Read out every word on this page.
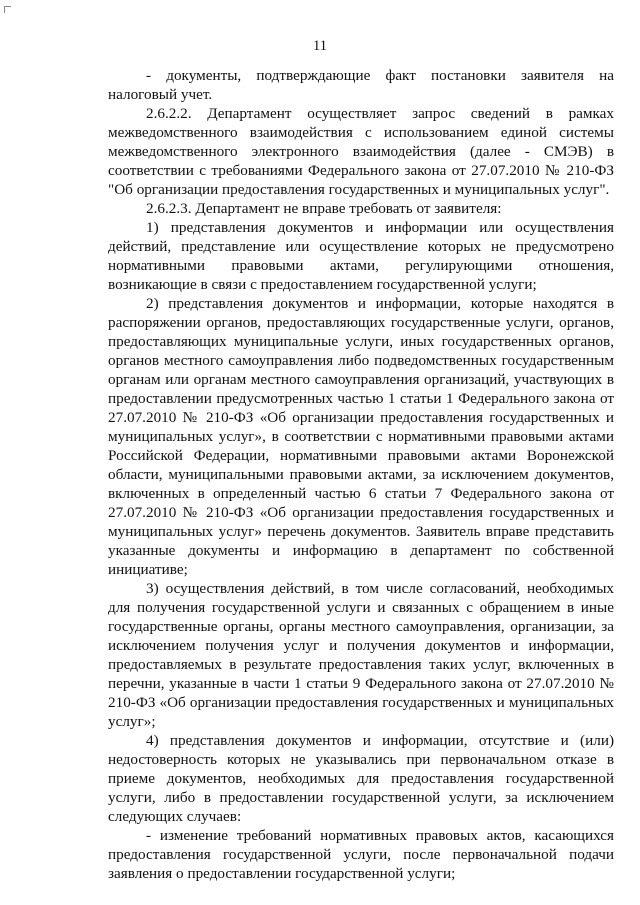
11

- документы, подтверждающие факт постановки заявителя на налоговый учет.

2.6.2.2. Департамент осуществляет запрос сведений в рамках межведомственного взаимодействия с использованием единой системы межведомственного электронного взаимодействия (далее - СМЭВ) в соответствии с требованиями Федерального закона от 27.07.2010 № 210-ФЗ "Об организации предоставления государственных и муниципальных услуг".

2.6.2.3. Департамент не вправе требовать от заявителя:

1) представления документов и информации или осуществления действий, представление или осуществление которых не предусмотрено нормативными правовыми актами, регулирующими отношения, возникающие в связи с предоставлением государственной услуги;

2) представления документов и информации, которые находятся в распоряжении органов, предоставляющих государственные услуги, органов, предоставляющих муниципальные услуги, иных государственных органов, органов местного самоуправления либо подведомственных государственным органам или органам местного самоуправления организаций, участвующих в предоставлении предусмотренных частью 1 статьи 1 Федерального закона от 27.07.2010 № 210-ФЗ «Об организации предоставления государственных и муниципальных услуг», в соответствии с нормативными правовыми актами Российской Федерации, нормативными правовыми актами Воронежской области, муниципальными правовыми актами, за исключением документов, включенных в определенный частью 6 статьи 7 Федерального закона от 27.07.2010 № 210-ФЗ «Об организации предоставления государственных и муниципальных услуг» перечень документов. Заявитель вправе представить указанные документы и информацию в департамент по собственной инициативе;

3) осуществления действий, в том числе согласований, необходимых для получения государственной услуги и связанных с обращением в иные государственные органы, органы местного самоуправления, организации, за исключением получения услуг и получения документов и информации, предоставляемых в результате предоставления таких услуг, включенных в перечни, указанные в части 1 статьи 9 Федерального закона от 27.07.2010 № 210-ФЗ «Об организации предоставления государственных и муниципальных услуг»;

4) представления документов и информации, отсутствие и (или) недостоверность которых не указывались при первоначальном отказе в приеме документов, необходимых для предоставления государственной услуги, либо в предоставлении государственной услуги, за исключением следующих случаев:

- изменение требований нормативных правовых актов, касающихся предоставления государственной услуги, после первоначальной подачи заявления о предоставлении государственной услуги;
